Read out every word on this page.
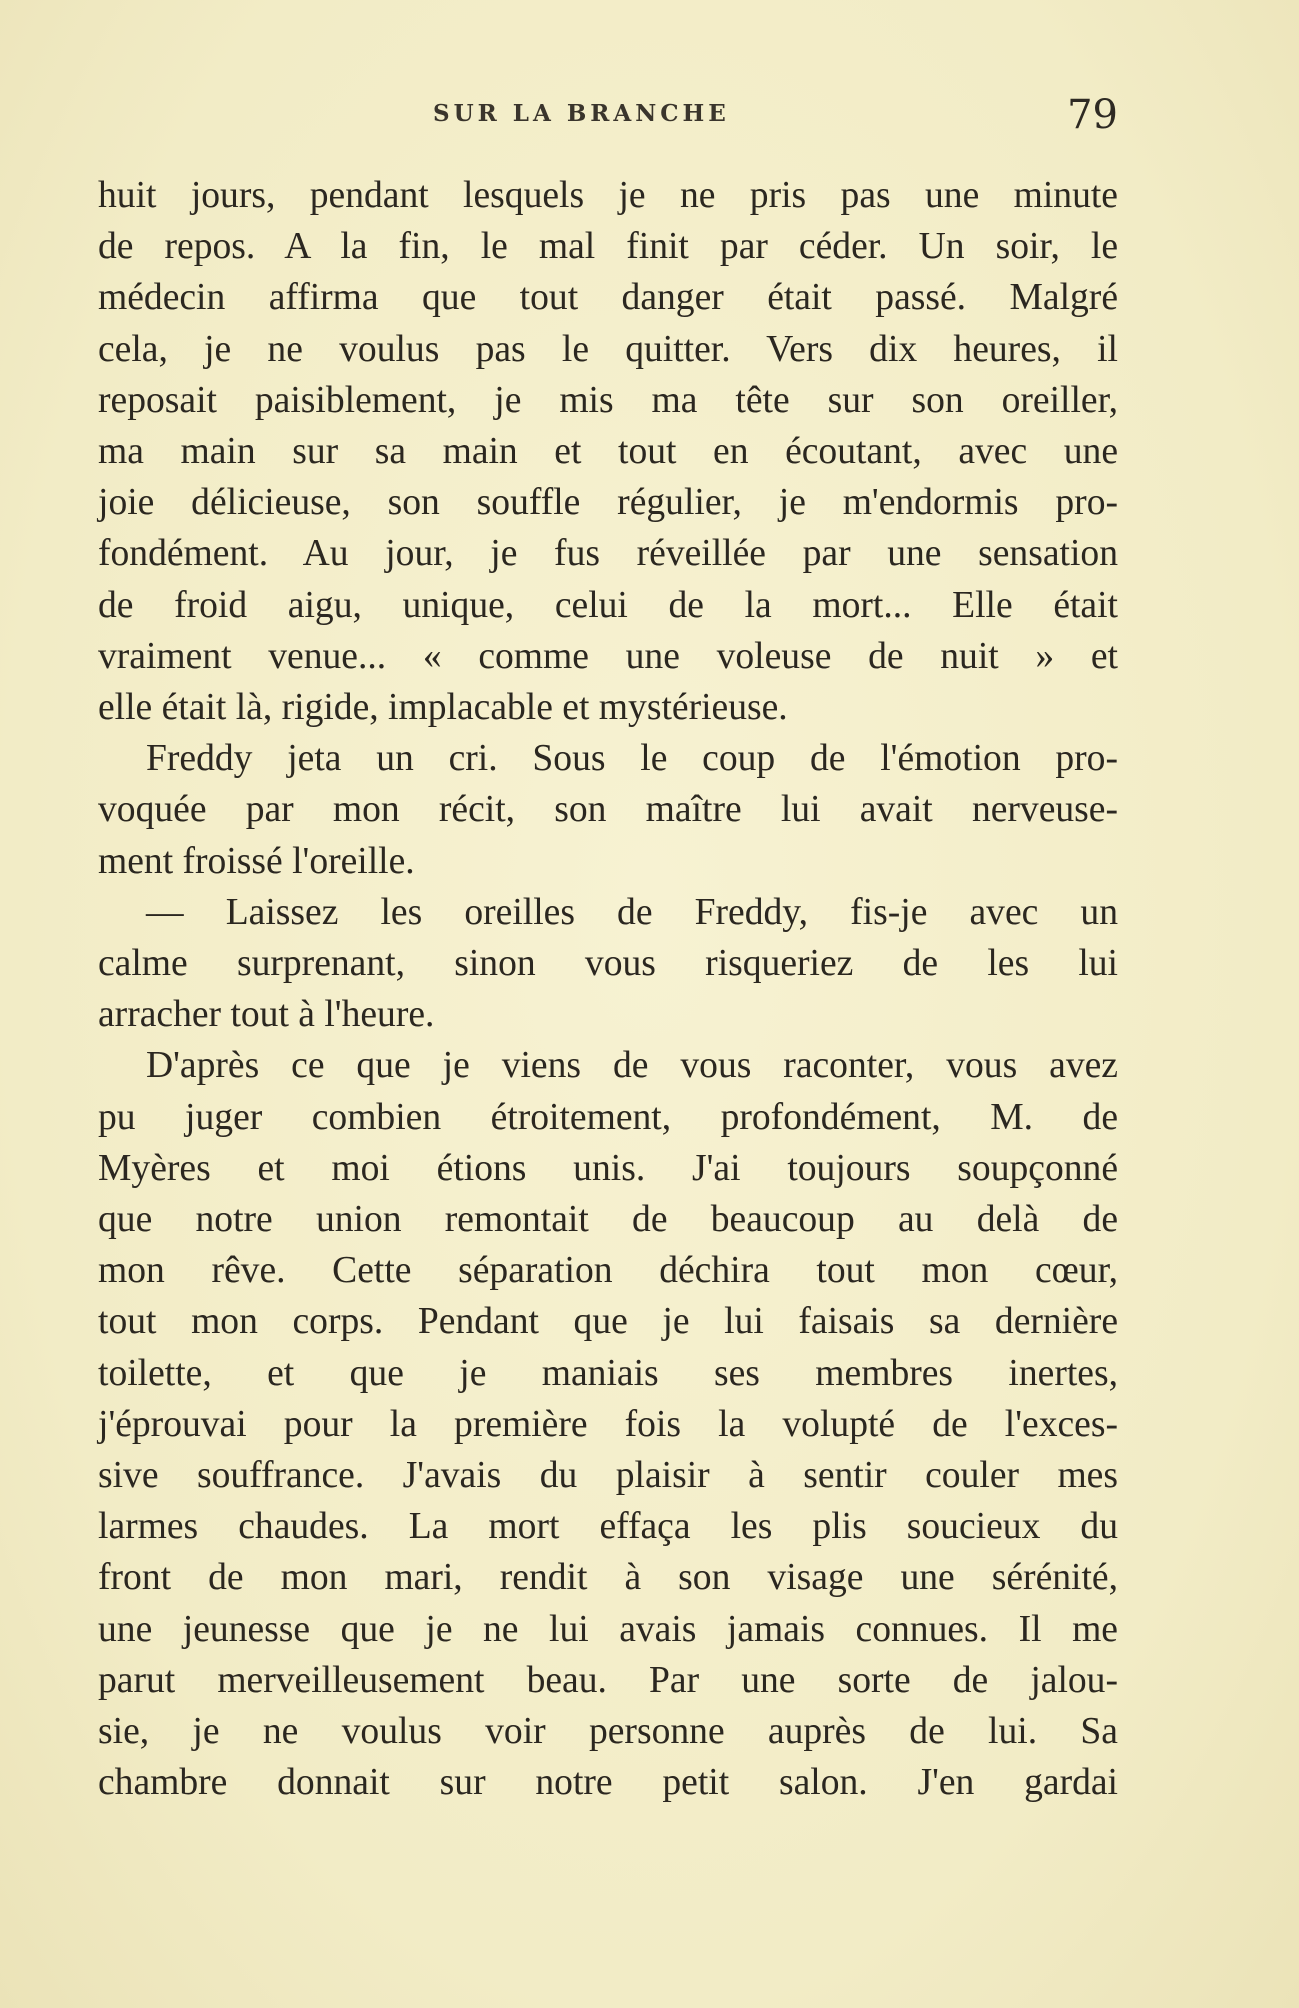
SUR LA BRANCHE	79

huit jours, pendant lesquels je ne pris pas une minute
de repos. A la fin, le mal finit par céder. Un soir, le
médecin affirma que tout danger était passé. Malgré
cela, je ne voulus pas le quitter. Vers dix heures, il
reposait paisiblement, je mis ma tête sur son oreiller,
ma main sur sa main et tout en écoutant, avec une
joie délicieuse, son souffle régulier, je m'endormis pro-
fondément. Au jour, je fus réveillée par une sensation
de froid aigu, unique, celui de la mort... Elle était
vraiment venue... « comme une voleuse de nuit » et
elle était là, rigide, implacable et mystérieuse.

Freddy jeta un cri. Sous le coup de l'émotion pro-
voquée par mon récit, son maître lui avait nerveuse-
ment froissé l'oreille.

— Laissez les oreilles de Freddy, fis-je avec un
calme surprenant, sinon vous risqueriez de les lui
arracher tout à l'heure.

D'après ce que je viens de vous raconter, vous avez
pu juger combien étroitement, profondément, M. de
Myères et moi étions unis. J'ai toujours soupçonné
que notre union remontait de beaucoup au delà de
mon rêve. Cette séparation déchira tout mon cœur,
tout mon corps. Pendant que je lui faisais sa dernière
toilette, et que je maniais ses membres inertes,
j'éprouvai pour la première fois la volupté de l'exces-
sive souffrance. J'avais du plaisir à sentir couler mes
larmes chaudes. La mort effaça les plis soucieux du
front de mon mari, rendit à son visage une sérénité,
une jeunesse que je ne lui avais jamais connues. Il me
parut merveilleusement beau. Par une sorte de jalou-
sie, je ne voulus voir personne auprès de lui. Sa
chambre donnait sur notre petit salon. J'en gardai
